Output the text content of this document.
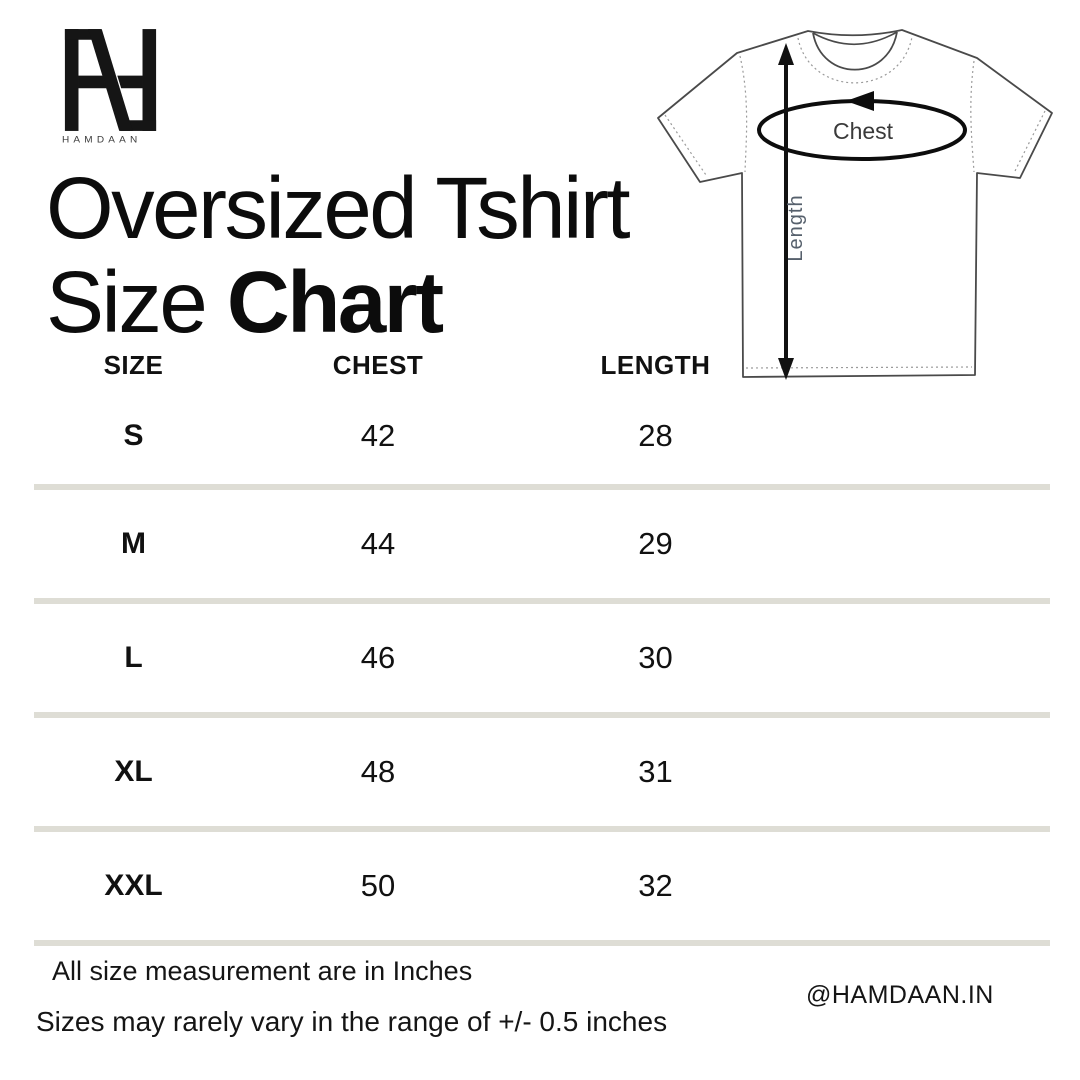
HAMDAAN
Oversized Tshirt
Size Chart
Chest
Length
SIZE	CHEST	LENGTH
S	42	28
M	44	29
L	46	30
XL	48	31
XXL	50	32
All size measurement are in Inches
Sizes may rarely vary in the range of +/- 0.5 inches
@HAMDAAN.IN
